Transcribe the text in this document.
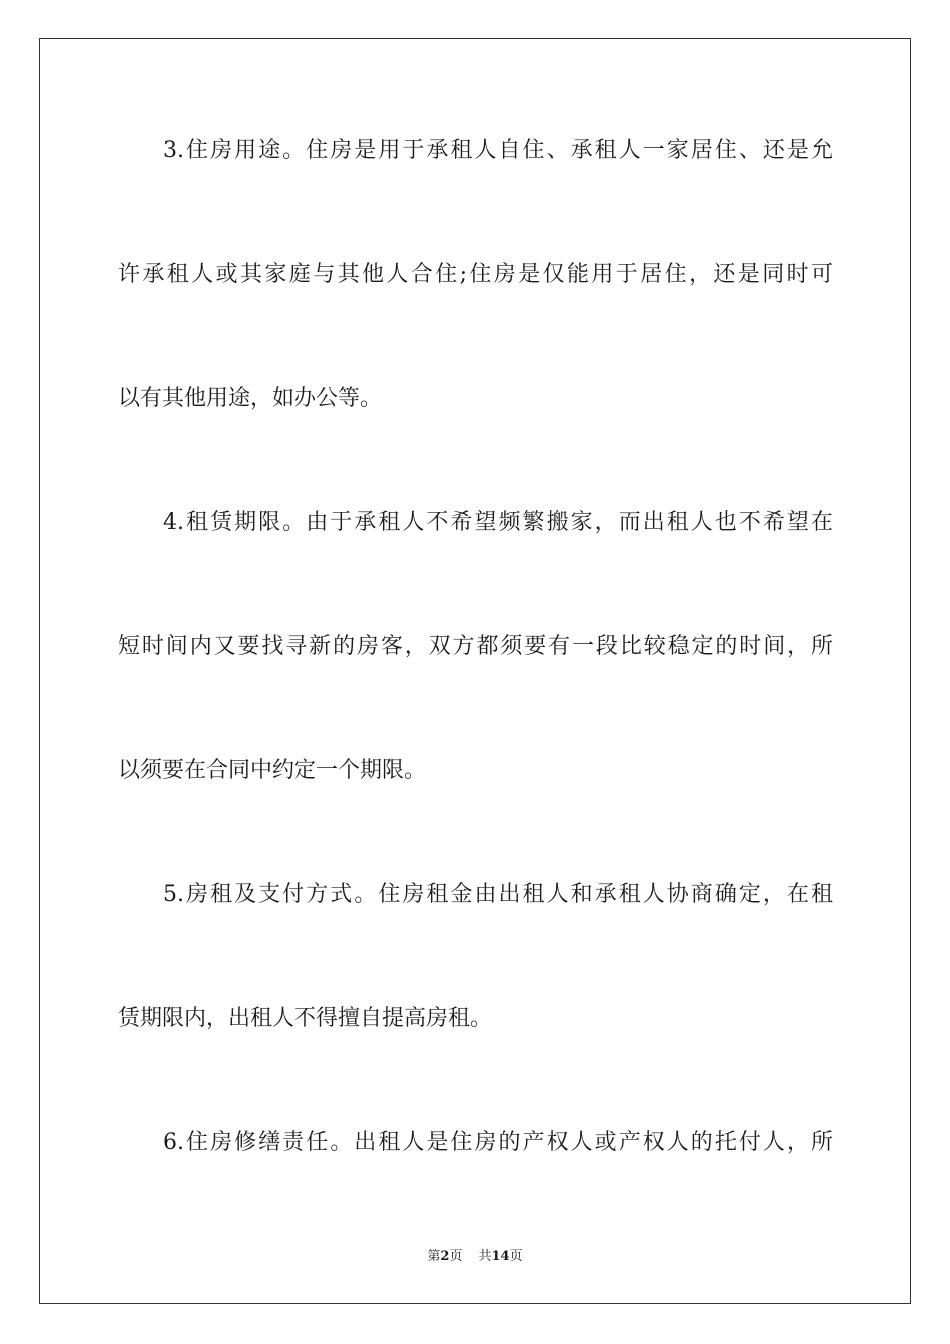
3.住房用途。住房是用于承租人自住、承租人一家居住、还是允
许承租人或其家庭与其他人合住;住房是仅能用于居住，还是同时可
以有其他用途，如办公等。
4.租赁期限。由于承租人不希望频繁搬家，而出租人也不希望在
短时间内又要找寻新的房客，双方都须要有一段比较稳定的时间，所
以须要在合同中约定一个期限。
5.房租及支付方式。住房租金由出租人和承租人协商确定，在租
赁期限内，出租人不得擅自提高房租。
6.住房修缮责任。出租人是住房的产权人或产权人的托付人，所
第2页 共14页
